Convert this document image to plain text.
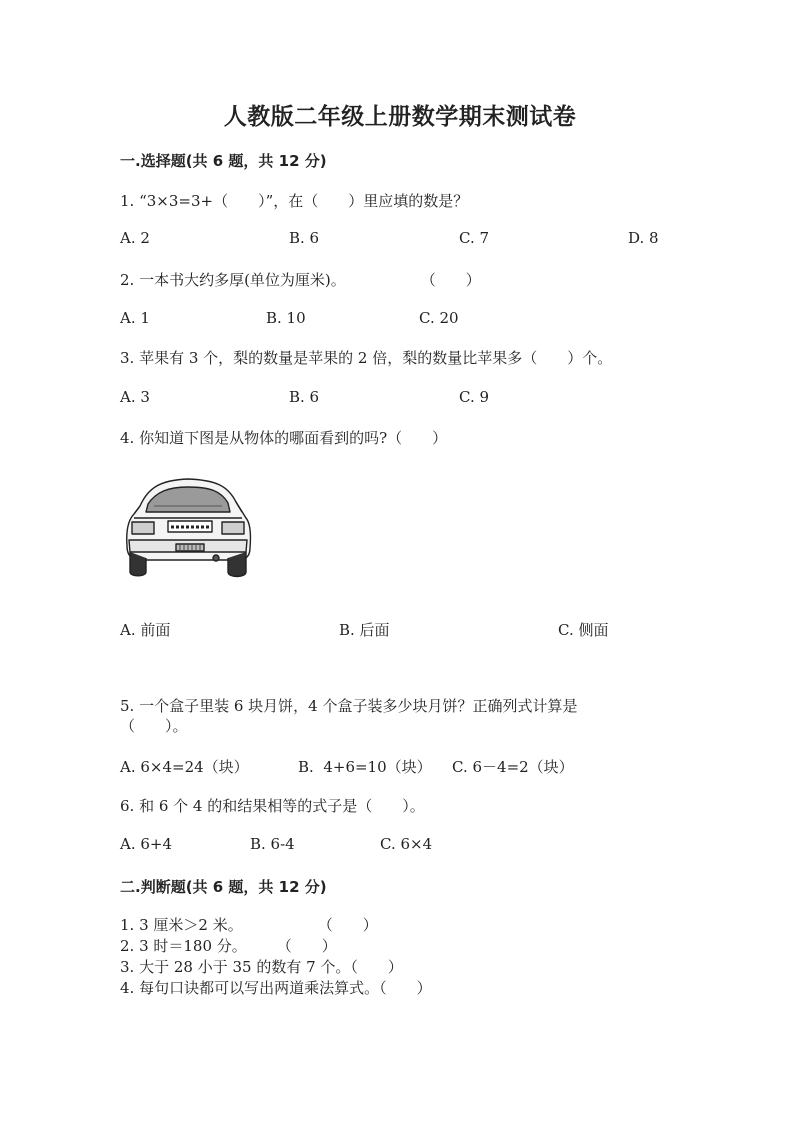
人教版二年级上册数学期末测试卷
一.选择题(共 6 题，共 12 分)
1. “3×3=3+（　　）”，在（　　）里应填的数是？
A. 2	B. 6	C. 7	D. 8
2. 一本书大约多厚(单位为厘米)。　　　　　　（　　）
A. 1	B. 10	C. 20
3. 苹果有 3 个，梨的数量是苹果的 2 倍，梨的数量比苹果多（　　）个。
A. 3	B. 6	C. 9
4. 你知道下图是从物体的哪面看到的吗?（　　）
A. 前面	B. 后面	C. 侧面
5. 一个盒子里装 6 块月饼，4 个盒子装多少块月饼？正确列式计算是
（　　）。
A. 6×4=24（块）	B.  4+6=10（块） C. 6－4=2（块）
6. 和 6 个 4 的和结果相等的式子是（　　）。
A. 6+4	B. 6-4	C. 6×4
二.判断题(共 6 题，共 12 分)
1. 3 厘米＞2 米。　　　　　　（　　）
2. 3 时＝180 分。　　　（　　）
3. 大于 28 小于 35 的数有 7 个。（　　）
4. 每句口诀都可以写出两道乘法算式。（　　）
